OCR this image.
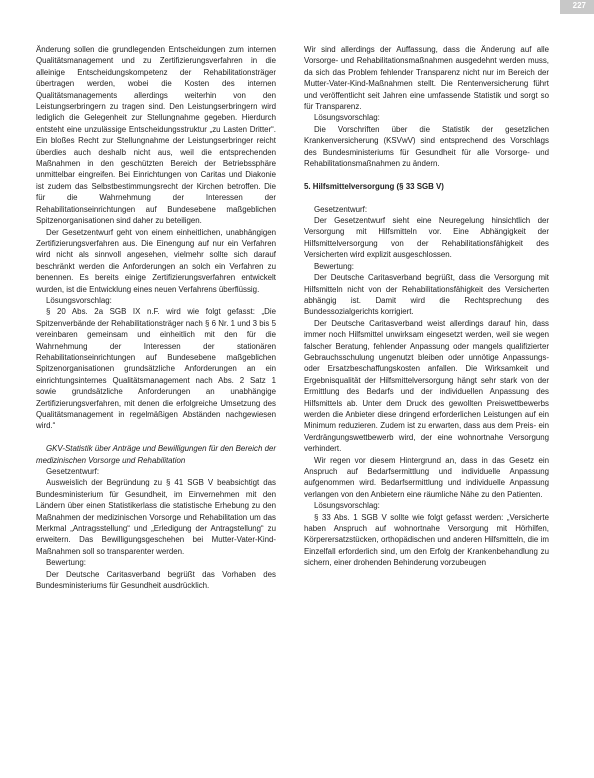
227

Änderung sollen die grundlegenden Entscheidungen zum internen Qualitätsmanagement und zu Zertifizierungsverfahren in die alleinige Entscheidungskompetenz der Rehabilitationsträger übertragen werden, wobei die Kosten des internen Qualitätsmanagements allerdings weiterhin von den Leistungserbringern zu tragen sind. Den Leistungserbringern wird lediglich die Gelegenheit zur Stellungnahme gegeben. Hierdurch entsteht eine unzulässige Entscheidungsstruktur „zu Lasten Dritter“. Ein bloßes Recht zur Stellungnahme der Leistungserbringer reicht überdies auch deshalb nicht aus, weil die entsprechenden Maßnahmen in den geschützten Bereich der Betriebssphäre unmittelbar eingreifen. Bei Einrichtungen von Caritas und Diakonie ist zudem das Selbstbestimmungsrecht der Kirchen betroffen. Die für die Wahrnehmung der Interessen der Rehabilitationseinrichtungen auf Bundesebene maßgeblichen Spitzenorganisationen sind daher zu beteiligen.

Der Gesetzentwurf geht von einem einheitlichen, unabhängigen Zertifizierungsverfahren aus. Die Einengung auf nur ein Verfahren wird nicht als sinnvoll angesehen, vielmehr sollte sich darauf beschränkt werden die Anforderungen an solch ein Verfahren zu benennen. Es bereits einige Zertifizierungsverfahren entwickelt wurden, ist die Entwicklung eines neuen Verfahrens überflüssig.

Lösungsvorschlag:

§ 20 Abs. 2a SGB IX n.F. wird wie folgt gefasst: „Die Spitzenverbände der Rehabilitationsträger nach § 6 Nr. 1 und 3 bis 5 vereinbaren gemeinsam und einheitlich mit den für die Wahrnehmung der Interessen der stationären Rehabilitationseinrichtungen auf Bundesebene maßgeblichen Spitzenorganisationen grundsätzliche Anforderungen an ein einrichtungsinternes Qualitätsmanagement nach Abs. 2 Satz 1 sowie grundsätzliche Anforderungen an unabhängige Zertifizierungsverfahren, mit denen die erfolgreiche Umsetzung des Qualitätsmanagement in regelmäßigen Abständen nachgewiesen wird.“

GKV-Statistik über Anträge und Bewilligungen für den Bereich der medizinischen Vorsorge und Rehabilitation

Gesetzentwurf:

Ausweislich der Begründung zu § 41 SGB V beabsichtigt das Bundesministerium für Gesundheit, im Einvernehmen mit den Ländern über einen Statistikerlass die statistische Erhebung zu den Maßnahmen der medizinischen Vorsorge und Rehabilitation um das Merkmal „Antragsstellung“ und „Erledigung der Antragstellung“ zu erweitern. Das Bewilligungsgeschehen bei Mutter-Vater-Kind-Maßnahmen soll so transparenter werden.

Bewertung:

Der Deutsche Caritasverband begrüßt das Vorhaben des Bundesministeriums für Gesundheit ausdrücklich.

Wir sind allerdings der Auffassung, dass die Änderung auf alle Vorsorge- und Rehabilitationsmaßnahmen ausgedehnt werden muss, da sich das Problem fehlender Transparenz nicht nur im Bereich der Mutter-Vater-Kind-Maßnahmen stellt. Die Rentenversicherung führt und veröffentlicht seit Jahren eine umfassende Statistik und sorgt so für Transparenz.

Lösungsvorschlag:

Die Vorschriften über die Statistik der gesetzlichen Krankenversicherung (KSVwV) sind entsprechend des Vorschlags des Bundesministeriums für Gesundheit für alle Vorsorge- und Rehabilitationsmaßnahmen zu ändern.

5. Hilfsmittelversorgung (§ 33 SGB V)

Gesetzentwurf:

Der Gesetzentwurf sieht eine Neuregelung hinsichtlich der Versorgung mit Hilfsmitteln vor. Eine Abhängigkeit der Hilfsmittelversorgung von der Rehabilitationsfähigkeit des Versicherten wird explizit ausgeschlossen.

Bewertung:

Der Deutsche Caritasverband begrüßt, dass die Versorgung mit Hilfsmitteln nicht von der Rehabilitationsfähigkeit des Versicherten abhängig ist. Damit wird die Rechtsprechung des Bundessozialgerichts korrigiert.

Der Deutsche Caritasverband weist allerdings darauf hin, dass immer noch Hilfsmittel unwirksam eingesetzt werden, weil sie wegen falscher Beratung, fehlender Anpassung oder mangels qualifizierter Gebrauchsschulung ungenutzt bleiben oder unnötige Anpassungs- oder Ersatzbeschaffungskosten anfallen. Die Wirksamkeit und Ergebnisqualität der Hilfsmittelversorgung hängt sehr stark von der Ermittlung des Bedarfs und der individuellen Anpassung des Hilfsmittels ab. Unter dem Druck des gewollten Preiswettbewerbs werden die Anbieter diese dringend erforderlichen Leistungen auf ein Minimum reduzieren. Zudem ist zu erwarten, dass aus dem Preis- ein Verdrängungswettbewerb wird, der eine wohnortnahe Versorgung verhindert.

Wir regen vor diesem Hintergrund an, dass in das Gesetz ein Anspruch auf Bedarfsermittlung und individuelle Anpassung aufgenommen wird. Bedarfsermittlung und individuelle Anpassung verlangen von den Anbietern eine räumliche Nähe zu den Patienten.

Lösungsvorschlag:

§ 33 Abs. 1 SGB V sollte wie folgt gefasst werden: „Versicherte haben Anspruch auf wohnortnahe Versorgung mit Hörhilfen, Körperersatzstücken, orthopädischen und anderen Hilfsmitteln, die im Einzelfall erforderlich sind, um den Erfolg der Krankenbehandlung zu sichern, einer drohenden Behinderung vorzubeugen
